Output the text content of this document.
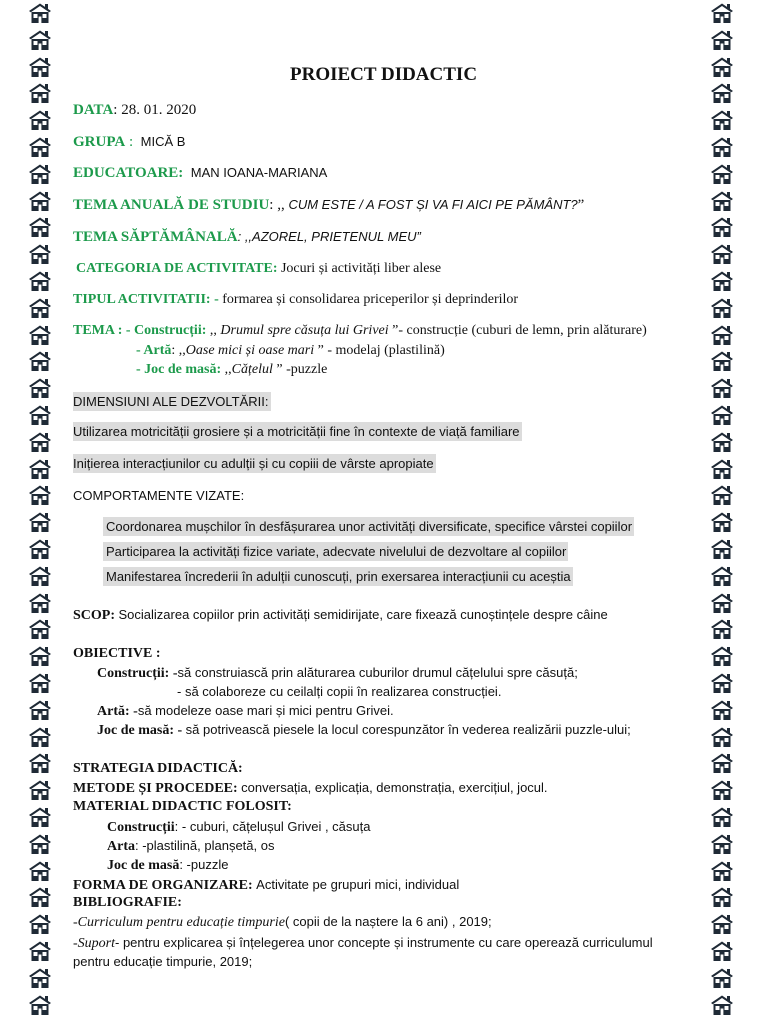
PROIECT DIDACTIC
DATA: 28. 01. 2020
GRUPA :  MICĂ B
EDUCATOARE: MAN IOANA-MARIANA
TEMA ANUALĂ DE STUDIU: ,, CUM ESTE / A FOST ȘI VA FI AICI PE PĂMÂNT?”
TEMA SĂPTĂMÂNALĂ: ,,AZOREL, PRIETENUL MEU”
CATEGORIA DE ACTIVITATE: Jocuri și activități liber alese
TIPUL ACTIVITATII: - formarea și consolidarea priceperilor și deprinderilor
TEMA : - Construcții: ,, Drumul spre căsuța lui Grivei ”- construcție (cuburi de lemn, prin alăturare)
- Artă: ,,Oase mici și oase mari ” - modelaj (plastilină)
- Joc de masă: ,,Cățelul ” -puzzle
DIMENSIUNI ALE DEZVOLTĂRII:
Utilizarea motricității grosiere și a motricității fine în contexte de viață familiare
Inițierea interacțiunilor cu adulții și cu copiii de vârste apropiate
COMPORTAMENTE VIZATE:
Coordonarea mușchilor în desfășurarea unor activități diversificate, specifice vârstei copiilor
Participarea la activități fizice variate, adecvate nivelului de dezvoltare al copiilor
Manifestarea încrederii în adulții cunoscuți, prin exersarea interacțiunii cu aceștia
SCOP: Socializarea copiilor prin activități semidirijate, care fixează cunoștințele despre câine
OBIECTIVE :
Construcții: -să construiască prin alăturarea cuburilor drumul cățelului spre căsuță;
- să colaboreze cu ceilalți copii în realizarea construcției.
Artă: -să modeleze oase mari și mici pentru Grivei.
Joc de masă: - să potrivească piesele la locul corespunzător în vederea realizării puzzle-ului;
STRATEGIA DIDACTICĂ:
METODE ȘI PROCEDEE: conversația, explicația, demonstrația, exercițiul, jocul.
MATERIAL DIDACTIC FOLOSIT:
Construcții: - cuburi, cățelușul Grivei , căsuța
Arta: -plastilină, planșetă, os
Joc de masă: -puzzle
FORMA DE ORGANIZARE: Activitate pe grupuri mici, individual
BIBLIOGRAFIE:
-Curriculum pentru educație timpurie( copii de la naștere la 6 ani) , 2019;
-Suport- pentru explicarea și înțelegerea unor concepte și instrumente cu care operează curriculumul
pentru educație timpurie, 2019;
